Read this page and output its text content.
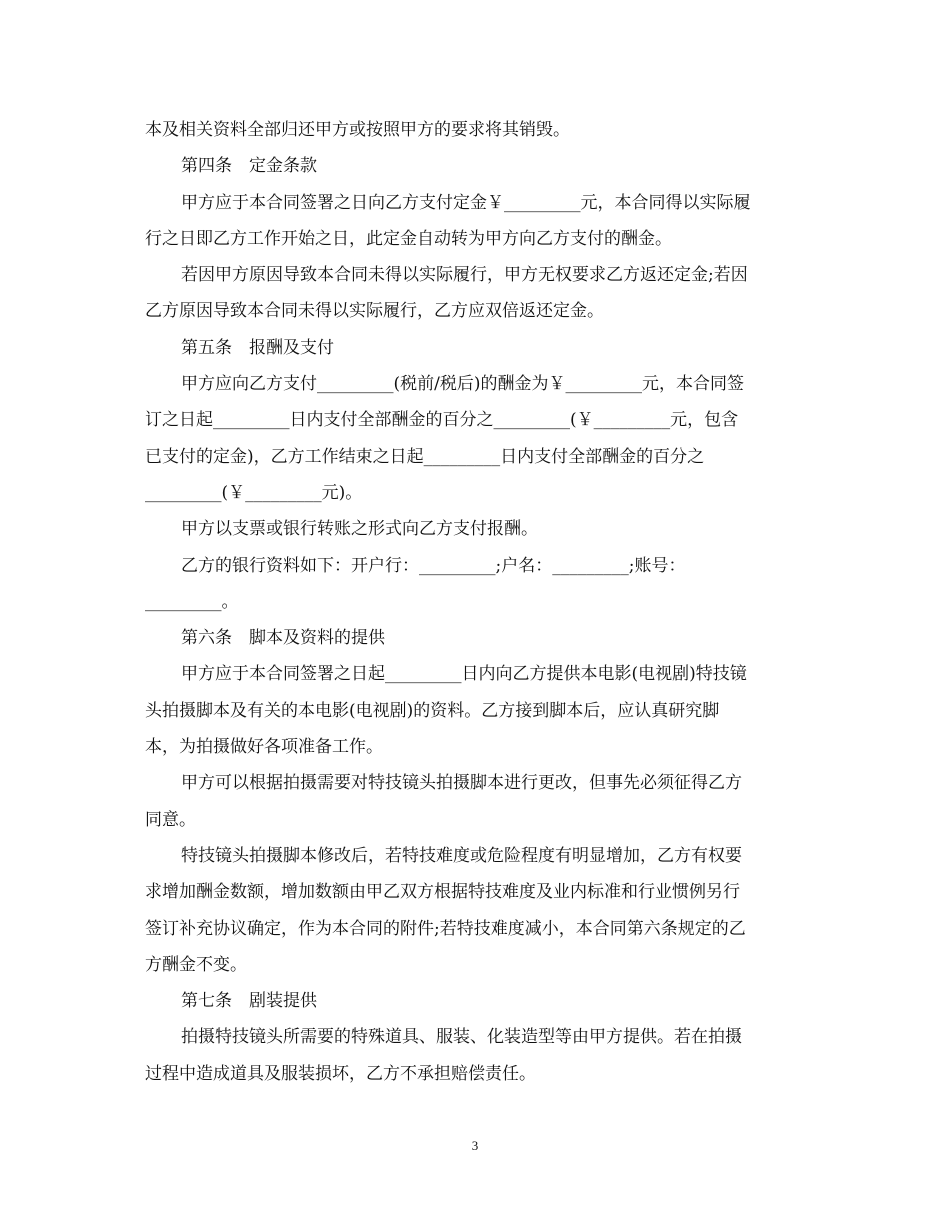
本及相关资料全部归还甲方或按照甲方的要求将其销毁。
第四条　定金条款
甲方应于本合同签署之日向乙方支付定金￥_________元，本合同得以实际履
行之日即乙方工作开始之日，此定金自动转为甲方向乙方支付的酬金。
若因甲方原因导致本合同未得以实际履行，甲方无权要求乙方返还定金;若因
乙方原因导致本合同未得以实际履行，乙方应双倍返还定金。
第五条　报酬及支付
甲方应向乙方支付_________(税前/税后)的酬金为￥_________元，本合同签
订之日起_________日内支付全部酬金的百分之_________(￥_________元，包含
已支付的定金)，乙方工作结束之日起_________日内支付全部酬金的百分之
_________(￥_________元)。
甲方以支票或银行转账之形式向乙方支付报酬。
乙方的银行资料如下：开户行：_________;户名：_________;账号：
_________。
第六条　脚本及资料的提供
甲方应于本合同签署之日起_________日内向乙方提供本电影(电视剧)特技镜
头拍摄脚本及有关的本电影(电视剧)的资料。乙方接到脚本后，应认真研究脚
本，为拍摄做好各项准备工作。
甲方可以根据拍摄需要对特技镜头拍摄脚本进行更改，但事先必须征得乙方
同意。
特技镜头拍摄脚本修改后，若特技难度或危险程度有明显增加，乙方有权要
求增加酬金数额，增加数额由甲乙双方根据特技难度及业内标准和行业惯例另行
签订补充协议确定，作为本合同的附件;若特技难度减小，本合同第六条规定的乙
方酬金不变。
第七条　剧装提供
拍摄特技镜头所需要的特殊道具、服装、化装造型等由甲方提供。若在拍摄
过程中造成道具及服装损坏，乙方不承担赔偿责任。
3
